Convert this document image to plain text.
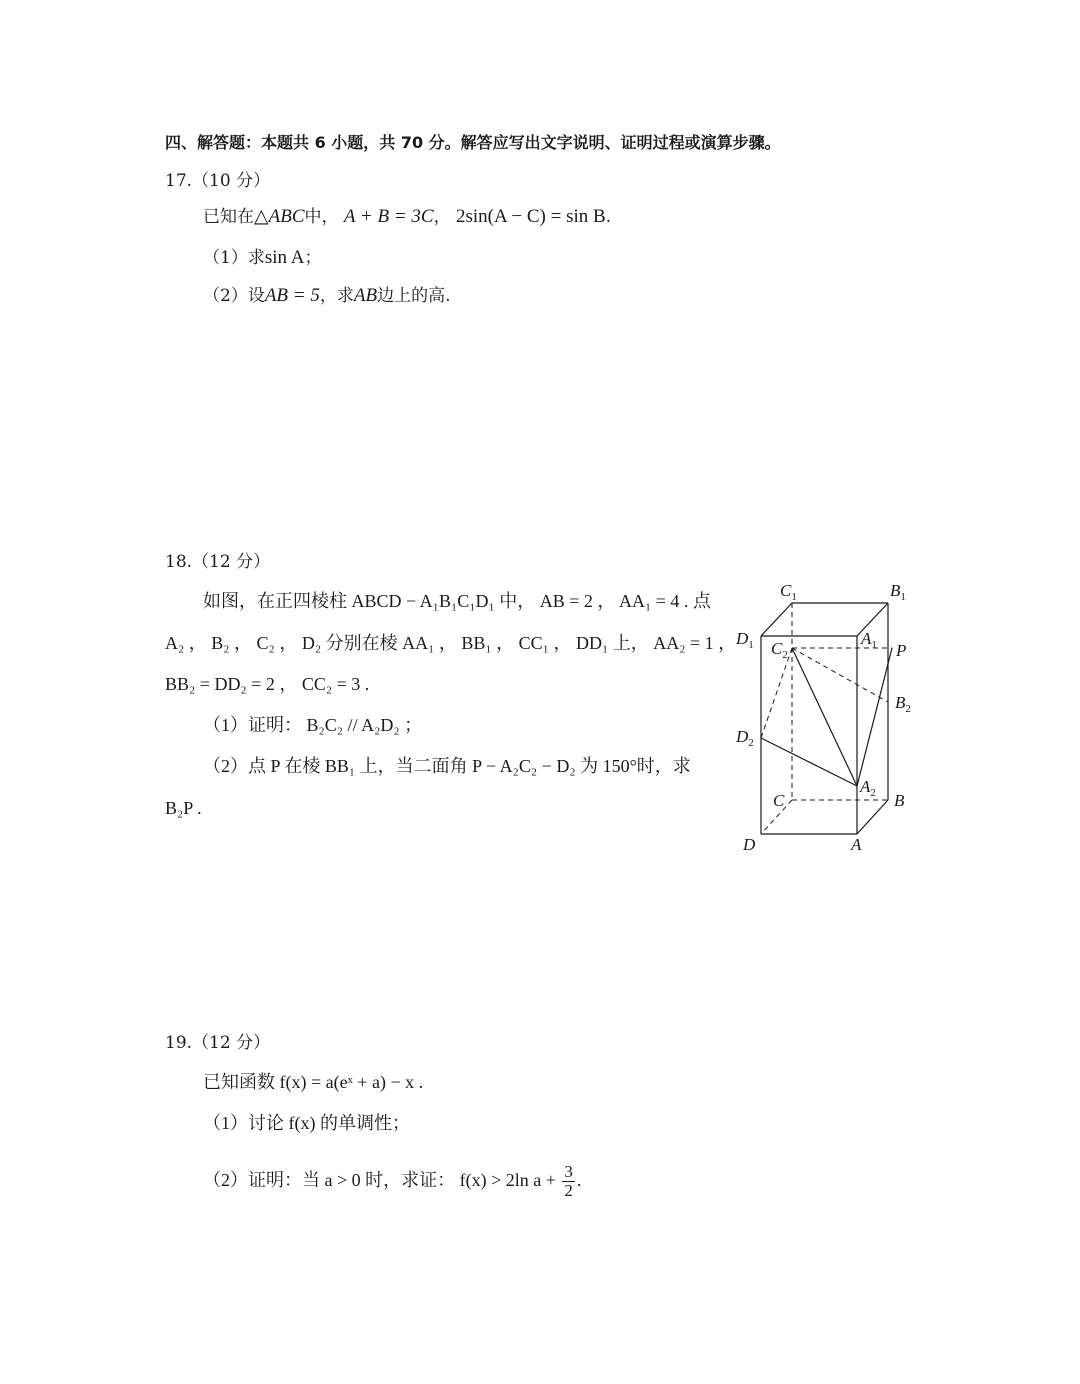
四、解答题：本题共 6 小题，共 70 分。解答应写出文字说明、证明过程或演算步骤。
17.（10 分）
已知在△ABC中， A + B = 3C， 2sin(A − C) = sin B.
（1）求sin A；
（2）设AB = 5，求AB边上的高.
18.（12 分）
如图，在正四棱柱 ABCD − A₁B₁C₁D₁ 中， AB = 2 ， AA₁ = 4 . 点
A₂ ， B₂ ， C₂ ， D₂ 分别在棱 AA₁ ， BB₁ ， CC₁ ， DD₁ 上， AA₂ = 1 ，
BB₂ = DD₂ = 2 ， CC₂ = 3 .
（1）证明： B₂C₂ // A₂D₂ ；
（2）点 P 在棱 BB₁ 上，当二面角 P − A₂C₂ − D₂ 为 150°时，求
B₂P .
$C_1$	$B_1$
$D_1$	$A_1$
$C_2$	P
$B_2$
$D_2$
$A_2$
C	B
D	A
19.（12 分）
已知函数 f(x) = a(eˣ + a) − x .
（1）讨论 f(x) 的单调性；
（2）证明：当 a > 0 时，求证： f(x) > 2ln $a + \frac{3}{2}$ .
